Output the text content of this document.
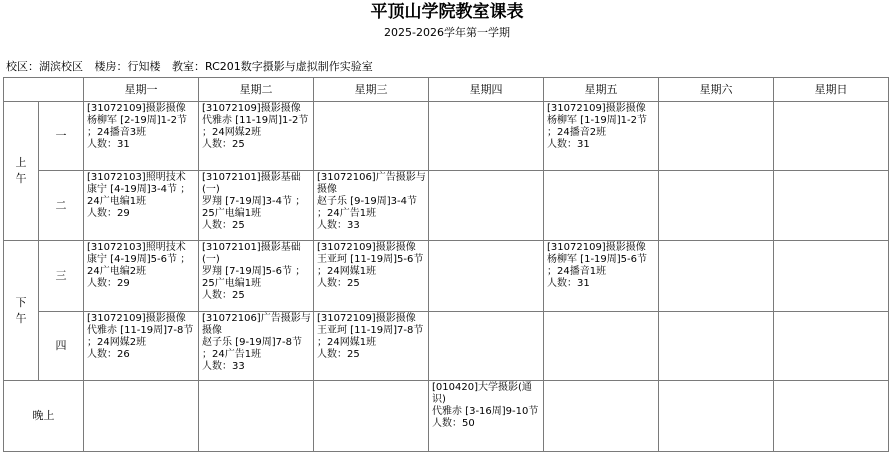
平顶山学院教室课表
2025-2026学年第一学期
校区：湖滨校区 楼房：行知楼 教室：RC201数字摄影与虚拟制作实验室
		星期一	星期二	星期三	星期四	星期五	星期六	星期日
上午	一	[31072109]摄影摄像
杨柳军 [2-19周]1-2节 ；24播音3班
人数：31	[31072109]摄影摄像
代雅赤 [11-19周]1-2节 ；24网媒2班
人数：25			[31072109]摄影摄像
杨柳军 [1-19周]1-2节 ；24播音2班
人数：31		

	二	[31072103]照明技术
康宁 [4-19周]3-4节 ；24广电编1班
人数：29	[31072101]摄影基础(一)
罗翔 [7-19周]3-4节 ；25广电编1班
人数：25	[31072106]广告摄影与摄像
赵子乐 [9-19周]3-4节 ；24广告1班
人数：33				

下午	三	[31072103]照明技术
康宁 [4-19周]5-6节 ；24广电编2班
人数：29	[31072101]摄影基础(一)
罗翔 [7-19周]5-6节 ；25广电编1班
人数：25	[31072109]摄影摄像
王亚珂 [11-19周]5-6节 ；24网媒1班
人数：25		[31072109]摄影摄像
杨柳军 [1-19周]5-6节 ；24播音1班
人数：31		

	四	[31072109]摄影摄像
代雅赤 [11-19周]7-8节 ；24网媒2班
人数：26	[31072106]广告摄影与摄像
赵子乐 [9-19周]7-8节 ；24广告1班
人数：33	[31072109]摄影摄像
王亚珂 [11-19周]7-8节 ；24网媒1班
人数：25				

晚上					[010420]大学摄影(通识)
代雅赤 [3-16周]9-10节
人数：50			
